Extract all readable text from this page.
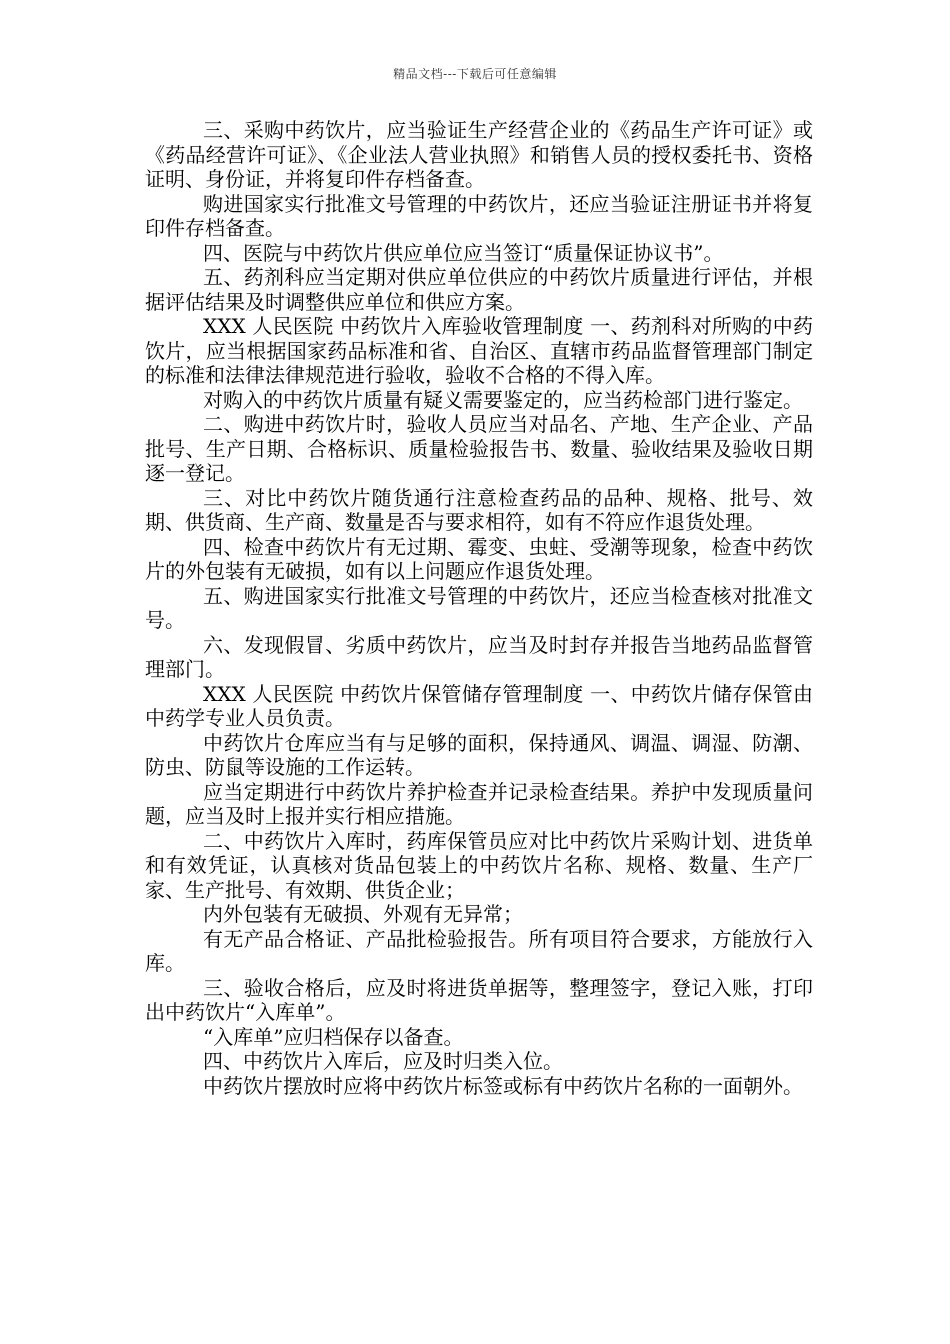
精品文档---下载后可任意编辑

三、采购中药饮片，应当验证生产经营企业的《药品生产许可证》或《药品经营许可证》、《企业法人营业执照》和销售人员的授权委托书、资格证明、身份证，并将复印件存档备查。

购进国家实行批准文号管理的中药饮片，还应当验证注册证书并将复印件存档备查。

四、医院与中药饮片供应单位应当签订“质量保证协议书”。

五、药剂科应当定期对供应单位供应的中药饮片质量进行评估，并根据评估结果及时调整供应单位和供应方案。

XXX 人民医院 中药饮片入库验收管理制度 一、药剂科对所购的中药饮片，应当根据国家药品标准和省、自治区、直辖市药品监督管理部门制定的标准和法律法律规范进行验收，验收不合格的不得入库。

对购入的中药饮片质量有疑义需要鉴定的，应当药检部门进行鉴定。

二、购进中药饮片时，验收人员应当对品名、产地、生产企业、产品批号、生产日期、合格标识、质量检验报告书、数量、验收结果及验收日期逐一登记。

三、对比中药饮片随货通行注意检查药品的品种、规格、批号、效期、供货商、生产商、数量是否与要求相符，如有不符应作退货处理。

四、检查中药饮片有无过期、霉变、虫蛀、受潮等现象，检查中药饮片的外包装有无破损，如有以上问题应作退货处理。

五、购进国家实行批准文号管理的中药饮片，还应当检查核对批准文号。

六、发现假冒、劣质中药饮片，应当及时封存并报告当地药品监督管理部门。

XXX 人民医院 中药饮片保管储存管理制度 一、中药饮片储存保管由中药学专业人员负责。

中药饮片仓库应当有与足够的面积，保持通风、调温、调湿、防潮、防虫、防鼠等设施的工作运转。

应当定期进行中药饮片养护检查并记录检查结果。养护中发现质量问题，应当及时上报并实行相应措施。

二、中药饮片入库时，药库保管员应对比中药饮片采购计划、进货单和有效凭证，认真核对货品包装上的中药饮片名称、规格、数量、生产厂家、生产批号、有效期、供货企业；

内外包装有无破损、外观有无异常；

有无产品合格证、产品批检验报告。所有项目符合要求，方能放行入库。

三、验收合格后，应及时将进货单据等，整理签字，登记入账，打印出中药饮片“入库单”。

“入库单”应归档保存以备查。

四、中药饮片入库后，应及时归类入位。

中药饮片摆放时应将中药饮片标签或标有中药饮片名称的一面朝外。
